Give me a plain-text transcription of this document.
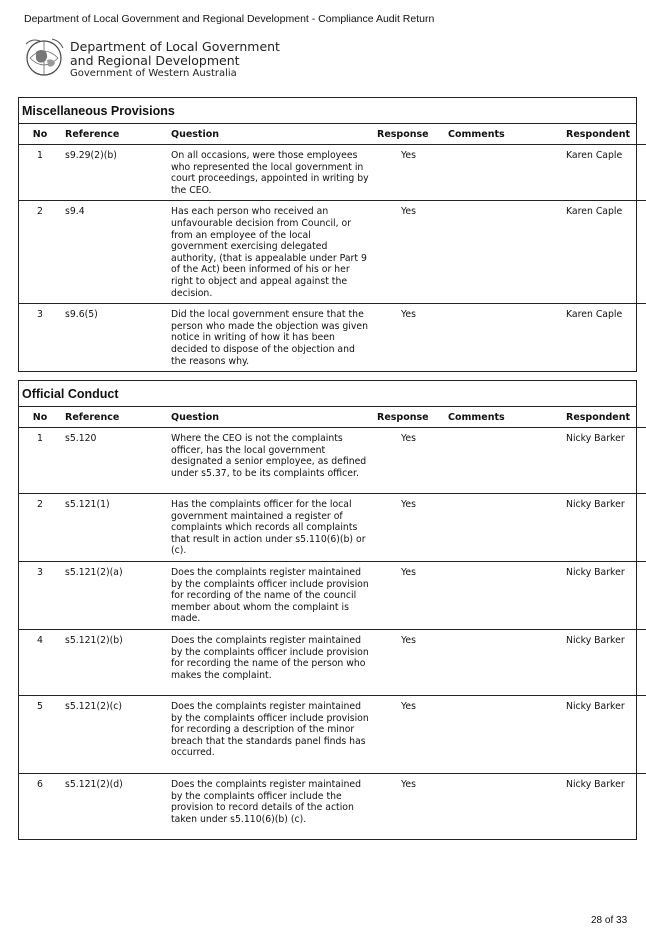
Department of Local Government and Regional Development - Compliance Audit Return
Department of Local Government
and Regional Development
Government of Western Australia
Miscellaneous Provisions
No	Reference	Question	Response	Comments	Respondent
1	s9.29(2)(b)	On all occasions, were those employees who represented the local government in court proceedings, appointed in writing by the CEO.	Yes		Karen Caple
2	s9.4	Has each person who received an unfavourable decision from Council, or from an employee of the local government exercising delegated authority, (that is appealable under Part 9 of the Act) been informed of his or her right to object and appeal against the decision.	Yes		Karen Caple
3	s9.6(5)	Did the local government ensure that the person who made the objection was given notice in writing of how it has been decided to dispose of the objection and the reasons why.	Yes		Karen Caple
Official Conduct
No	Reference	Question	Response	Comments	Respondent
1	s5.120	Where the CEO is not the complaints officer, has the local government designated a senior employee, as defined under s5.37, to be its complaints officer.	Yes		Nicky Barker
2	s5.121(1)	Has the complaints officer for the local government maintained a register of complaints which records all complaints that result in action under s5.110(6)(b) or (c).	Yes		Nicky Barker
3	s5.121(2)(a)	Does the complaints register maintained by the complaints officer include provision for recording of the name of the council member about whom the complaint is made.	Yes		Nicky Barker
4	s5.121(2)(b)	Does the complaints register maintained by the complaints officer include provision for recording the name of the person who makes the complaint.	Yes		Nicky Barker
5	s5.121(2)(c)	Does the complaints register maintained by the complaints officer include provision for recording a description of the minor breach that the standards panel finds has occurred.	Yes		Nicky Barker
6	s5.121(2)(d)	Does the complaints register maintained by the complaints officer include the provision to record details of the action taken under s5.110(6)(b) (c).	Yes		Nicky Barker
28 of 33
